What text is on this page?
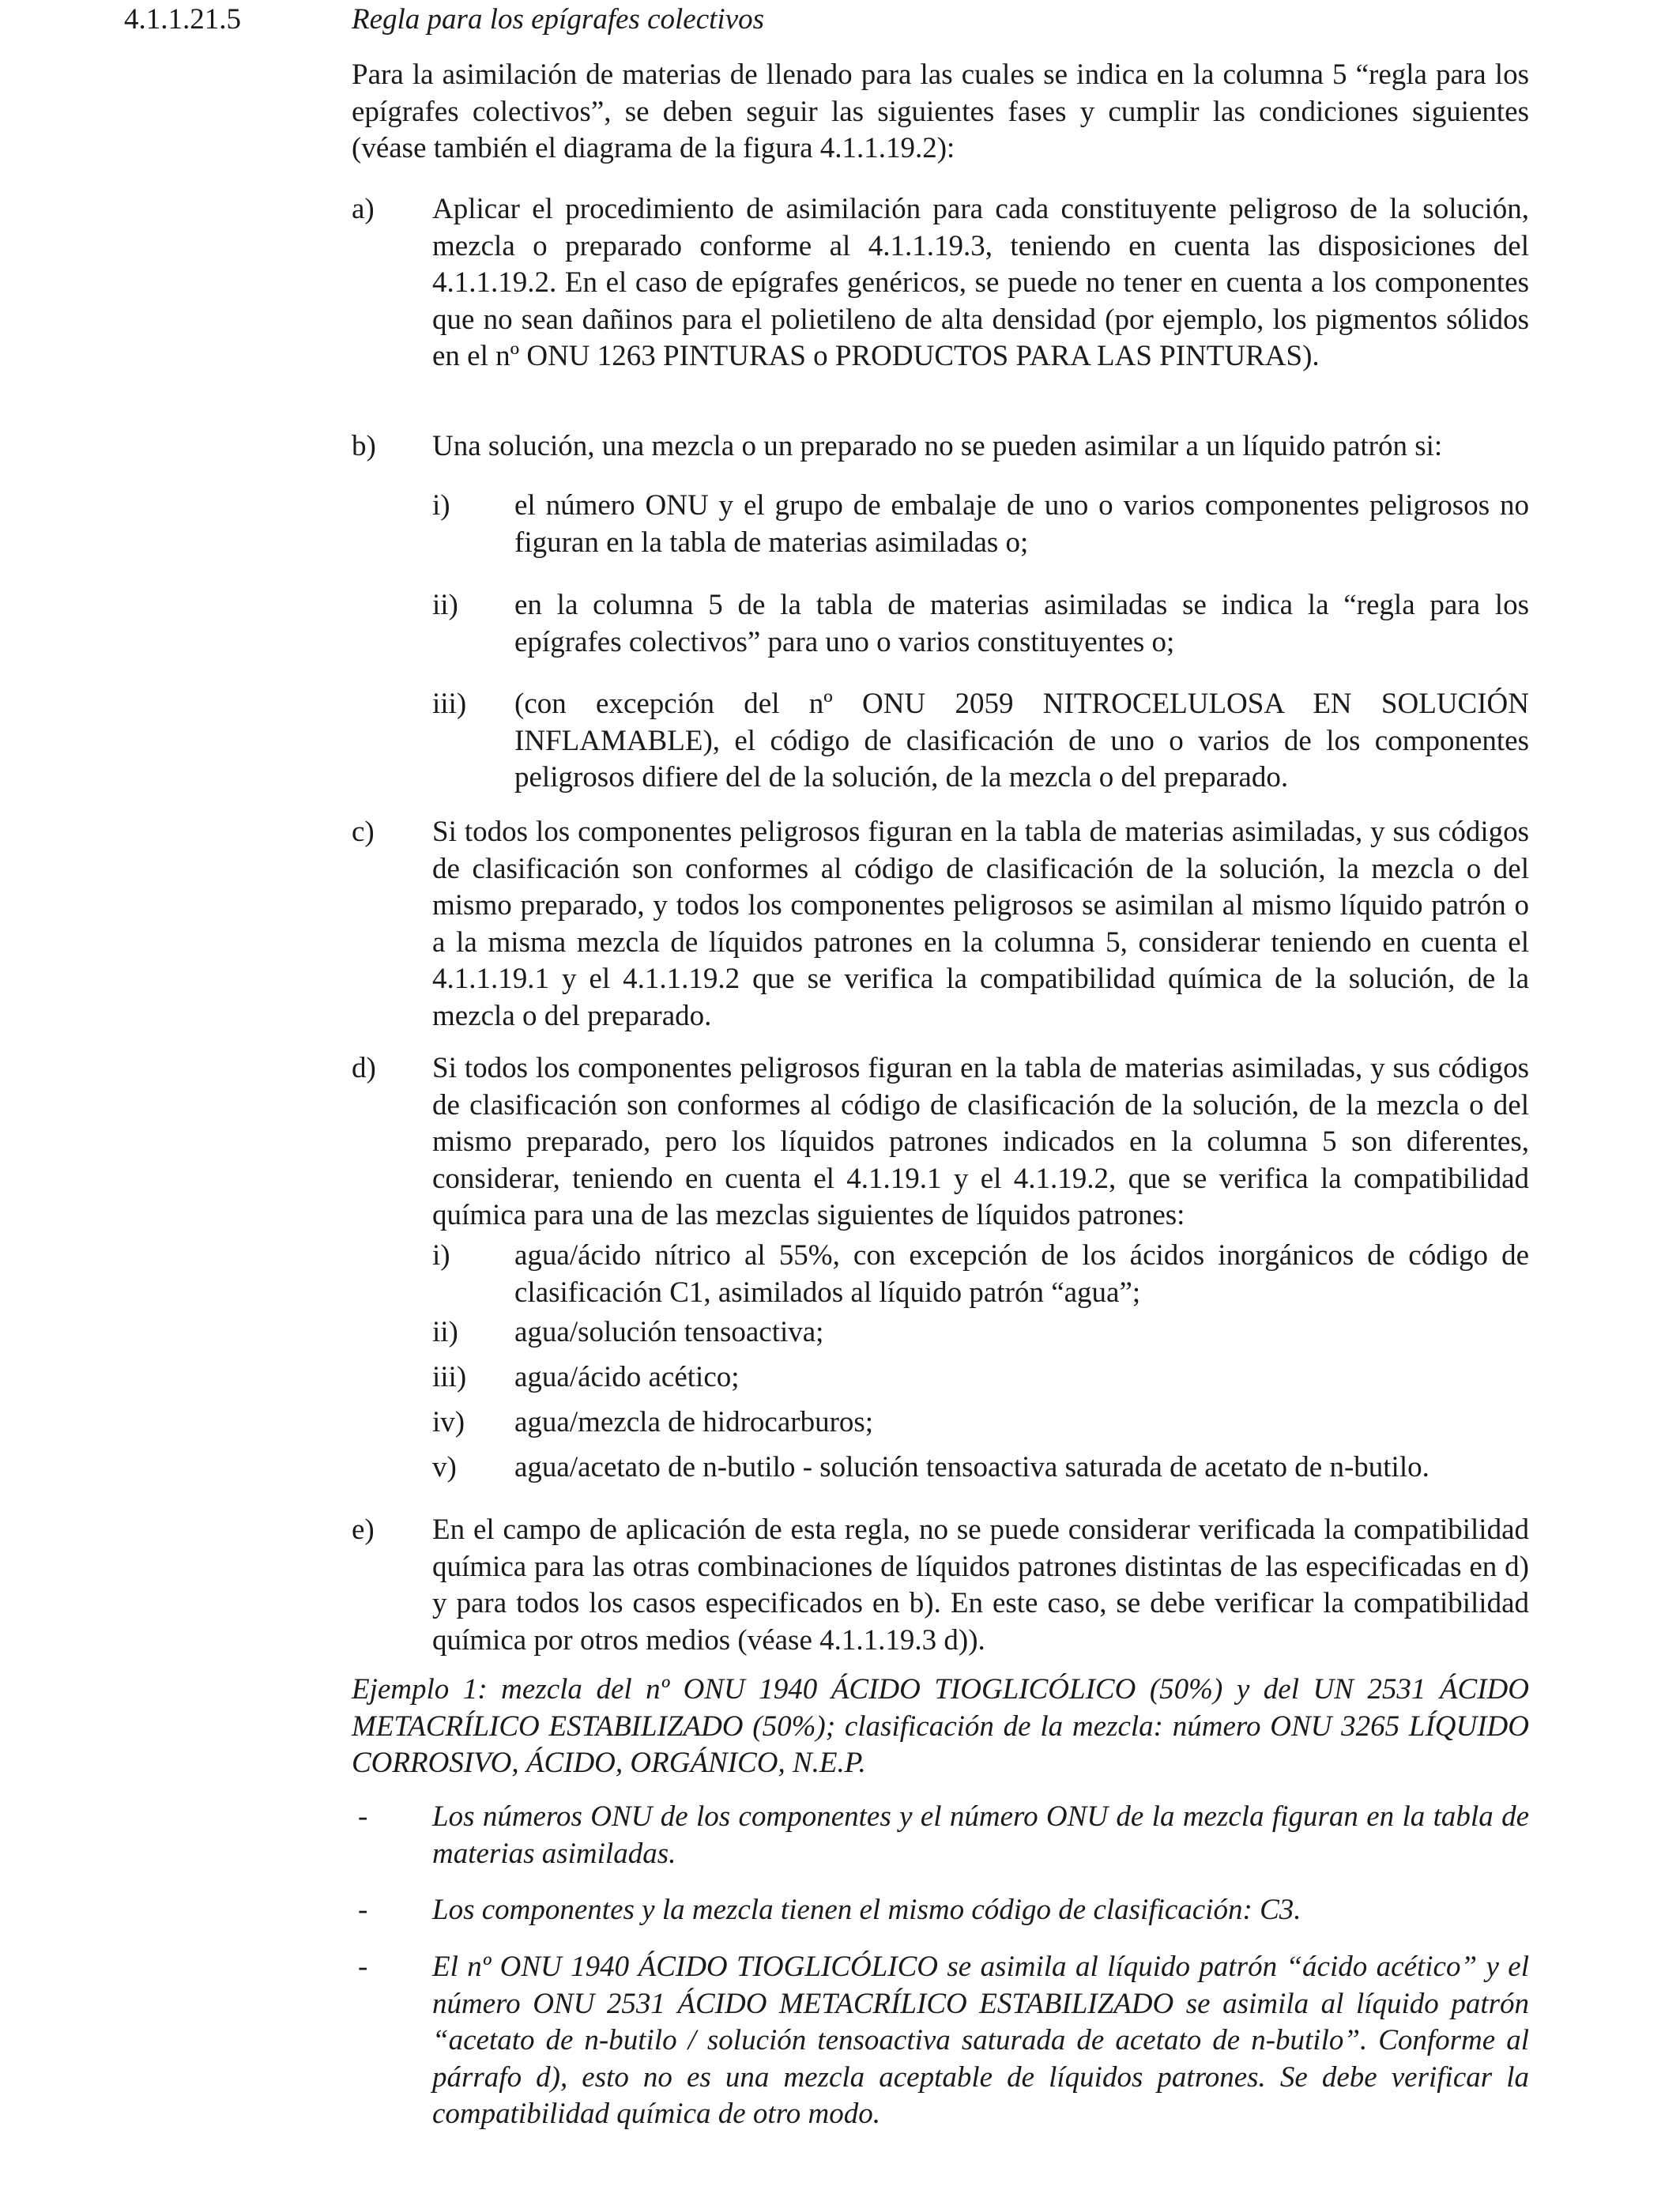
4.1.1.21.5	Regla para los epígrafes colectivos
Para la asimilación de materias de llenado para las cuales se indica en la columna 5 “regla para los epígrafes colectivos”, se deben seguir las siguientes fases y cumplir las condiciones siguientes (véase también el diagrama de la figura 4.1.1.19.2):
a) Aplicar el procedimiento de asimilación para cada constituyente peligroso de la solución, mezcla o preparado conforme al 4.1.1.19.3, teniendo en cuenta las disposiciones del 4.1.1.19.2. En el caso de epígrafes genéricos, se puede no tener en cuenta a los componentes que no sean dañinos para el polietileno de alta densidad (por ejemplo, los pigmentos sólidos en el nº ONU 1263 PINTURAS o PRODUCTOS PARA LAS PINTURAS).
b) Una solución, una mezcla o un preparado no se pueden asimilar a un líquido patrón si:
i) el número ONU y el grupo de embalaje de uno o varios componentes peligrosos no figuran en la tabla de materias asimiladas o;
ii) en la columna 5 de la tabla de materias asimiladas se indica la “regla para los epígrafes colectivos” para uno o varios constituyentes o;
iii) (con excepción del nº ONU 2059 NITROCELULOSA EN SOLUCIÓN INFLAMABLE), el código de clasificación de uno o varios de los componentes peligrosos difiere del de la solución, de la mezcla o del preparado.
c) Si todos los componentes peligrosos figuran en la tabla de materias asimiladas, y sus códigos de clasificación son conformes al código de clasificación de la solución, la mezcla o del mismo preparado, y todos los componentes peligrosos se asimilan al mismo líquido patrón o a la misma mezcla de líquidos patrones en la columna 5, considerar teniendo en cuenta el 4.1.1.19.1 y el 4.1.1.19.2 que se verifica la compatibilidad química de la solución, de la mezcla o del preparado.
d) Si todos los componentes peligrosos figuran en la tabla de materias asimiladas, y sus códigos de clasificación son conformes al código de clasificación de la solución, de la mezcla o del mismo preparado, pero los líquidos patrones indicados en la columna 5 son diferentes, considerar, teniendo en cuenta el 4.1.19.1 y el 4.1.19.2, que se verifica la compatibilidad química para una de las mezclas siguientes de líquidos patrones:
i) agua/ácido nítrico al 55%, con excepción de los ácidos inorgánicos de código de clasificación C1, asimilados al líquido patrón “agua”;
ii) agua/solución tensoactiva;
iii) agua/ácido acético;
iv) agua/mezcla de hidrocarburos;
v) agua/acetato de n-butilo - solución tensoactiva saturada de acetato de n-butilo.
e) En el campo de aplicación de esta regla, no se puede considerar verificada la compatibilidad química para las otras combinaciones de líquidos patrones distintas de las especificadas en d) y para todos los casos especificados en b). En este caso, se debe verificar la compatibilidad química por otros medios (véase 4.1.1.19.3 d)).
Ejemplo 1: mezcla del nº ONU 1940 ÁCIDO TIOGLICÓLICO (50%) y del UN 2531 ÁCIDO METACRÍLICO ESTABILIZADO (50%); clasificación de la mezcla: número ONU 3265 LÍQUIDO CORROSIVO, ÁCIDO, ORGÁNICO, N.E.P.
- Los números ONU de los componentes y el número ONU de la mezcla figuran en la tabla de materias asimiladas.
- Los componentes y la mezcla tienen el mismo código de clasificación: C3.
- El nº ONU 1940 ÁCIDO TIOGLICÓLICO se asimila al líquido patrón “ácido acético” y el número ONU 2531 ÁCIDO METACRÍLICO ESTABILIZADO se asimila al líquido patrón “acetato de n-butilo / solución tensoactiva saturada de acetato de n-butilo”. Conforme al párrafo d), esto no es una mezcla aceptable de líquidos patrones. Se debe verificar la compatibilidad química de otro modo.
